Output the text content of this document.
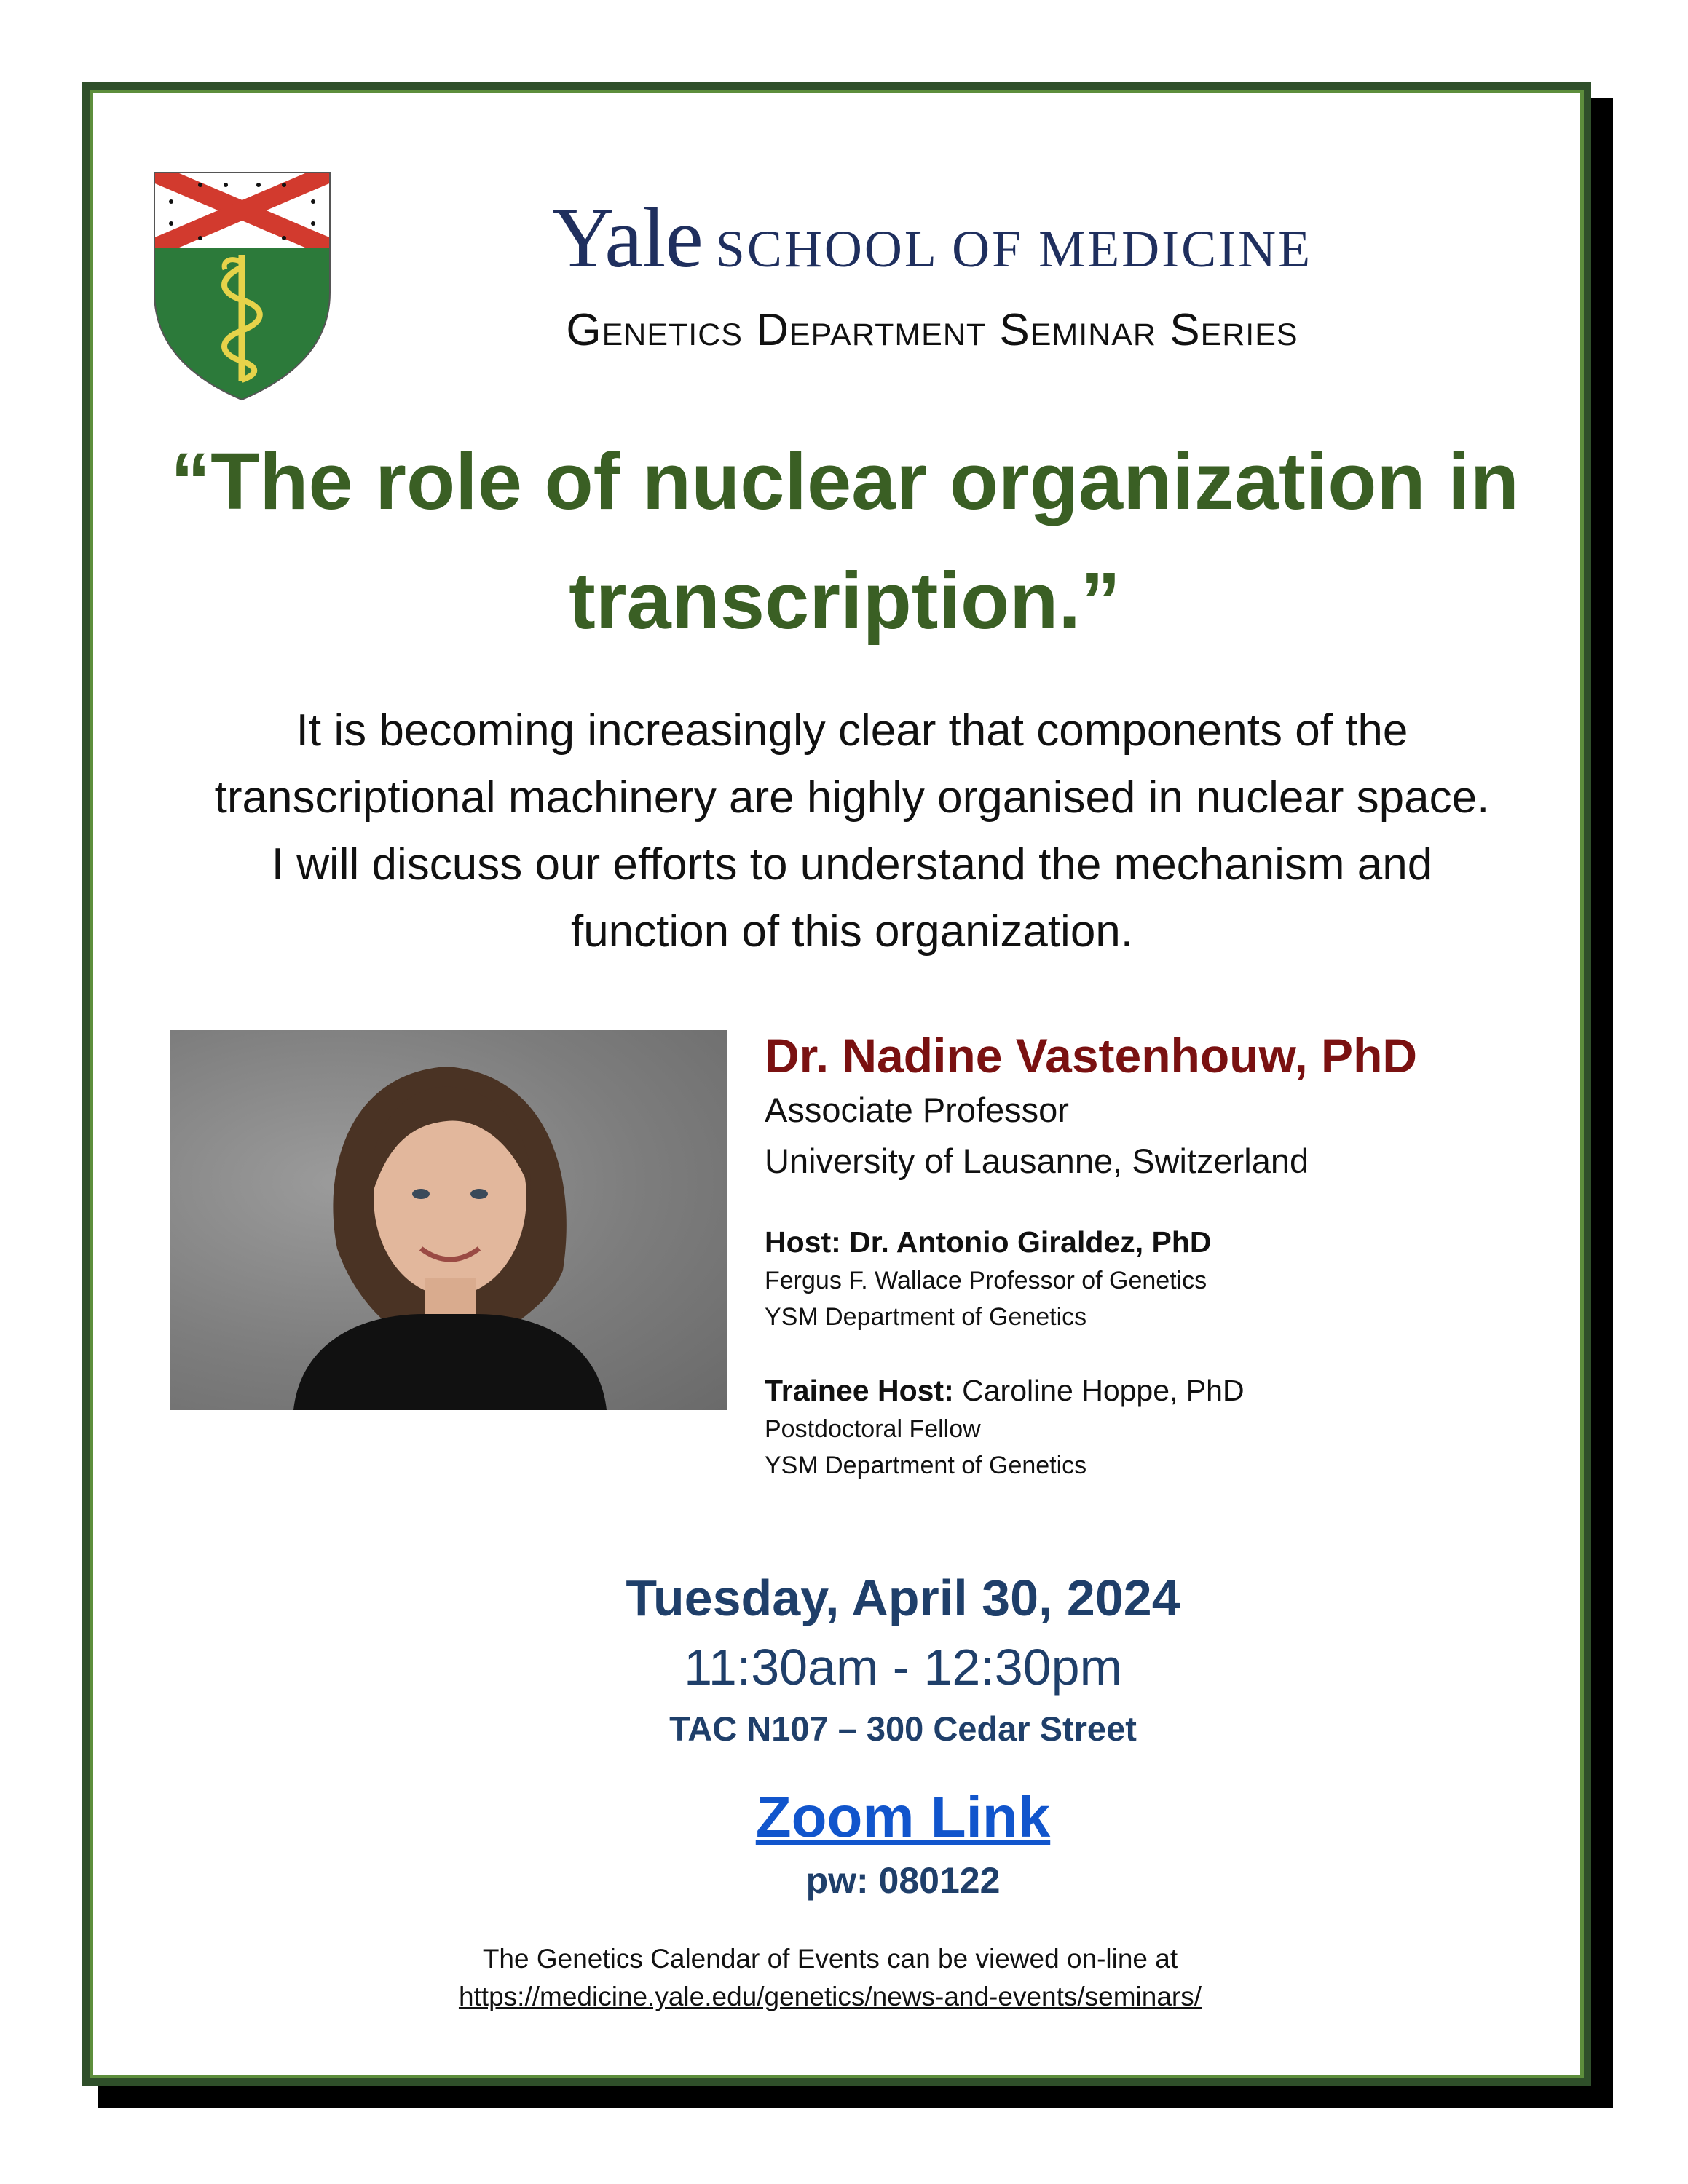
Yale SCHOOL OF MEDICINE
Genetics Department Seminar Series
“The role of nuclear organization in transcription.”
It is becoming increasingly clear that components of the transcriptional machinery are highly organised in nuclear space. I will discuss our efforts to understand the mechanism and function of this organization.
Dr. Nadine Vastenhouw, PhD
Associate Professor
University of Lausanne, Switzerland
Host: Dr. Antonio Giraldez, PhD
Fergus F. Wallace Professor of Genetics
YSM Department of Genetics
Trainee Host: Caroline Hoppe, PhD
Postdoctoral Fellow
YSM Department of Genetics
Tuesday, April 30, 2024
11:30am - 12:30pm
TAC N107 – 300 Cedar Street
Zoom Link
pw: 080122
The Genetics Calendar of Events can be viewed on-line at
https://medicine.yale.edu/genetics/news-and-events/seminars/
